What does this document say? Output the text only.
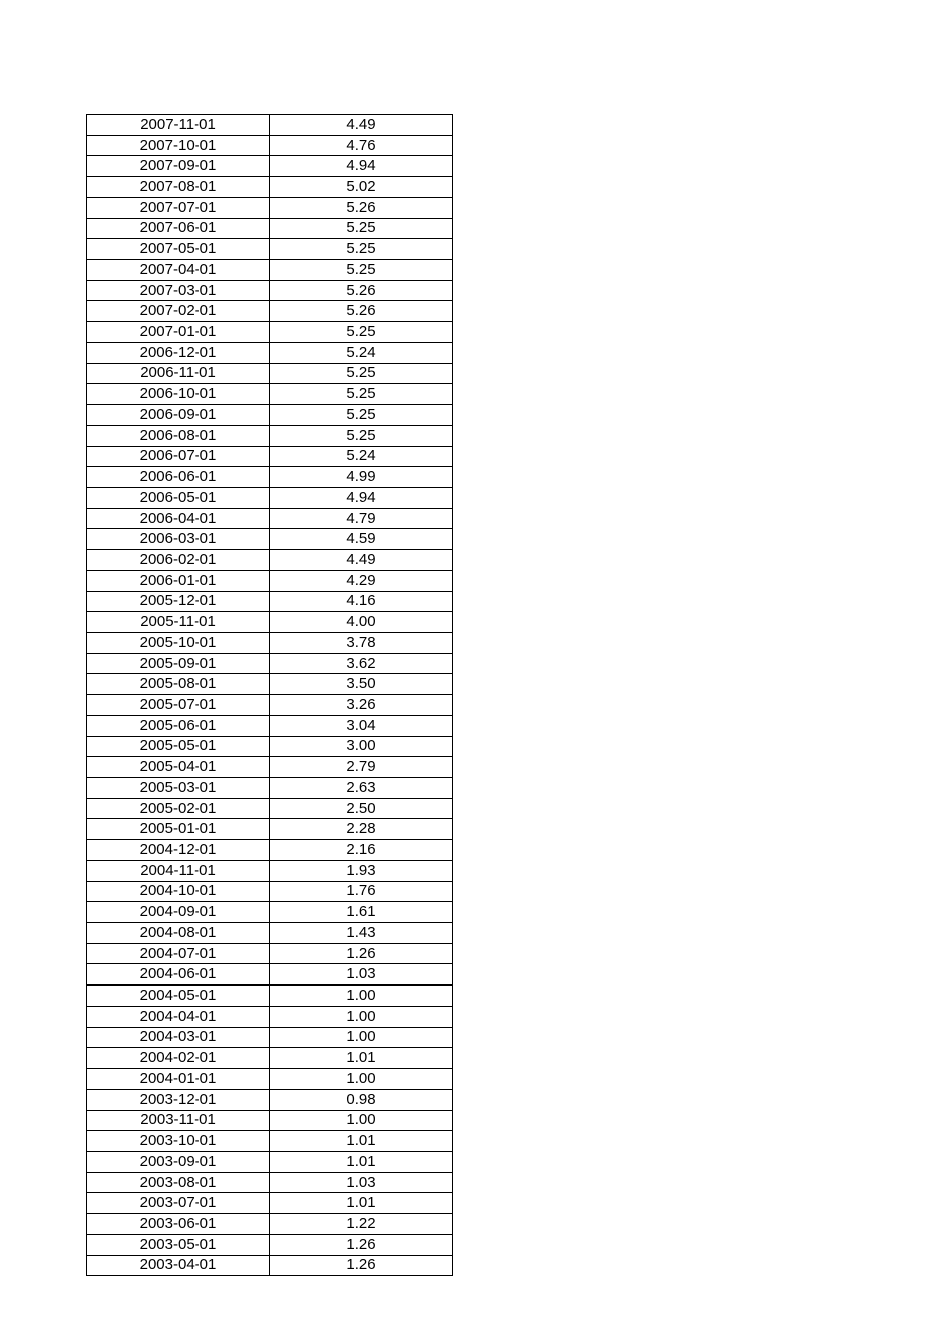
2007-11-01	4.49
2007-10-01	4.76
2007-09-01	4.94
2007-08-01	5.02
2007-07-01	5.26
2007-06-01	5.25
2007-05-01	5.25
2007-04-01	5.25
2007-03-01	5.26
2007-02-01	5.26
2007-01-01	5.25
2006-12-01	5.24
2006-11-01	5.25
2006-10-01	5.25
2006-09-01	5.25
2006-08-01	5.25
2006-07-01	5.24
2006-06-01	4.99
2006-05-01	4.94
2006-04-01	4.79
2006-03-01	4.59
2006-02-01	4.49
2006-01-01	4.29
2005-12-01	4.16
2005-11-01	4.00
2005-10-01	3.78
2005-09-01	3.62
2005-08-01	3.50
2005-07-01	3.26
2005-06-01	3.04
2005-05-01	3.00
2005-04-01	2.79
2005-03-01	2.63
2005-02-01	2.50
2005-01-01	2.28
2004-12-01	2.16
2004-11-01	1.93
2004-10-01	1.76
2004-09-01	1.61
2004-08-01	1.43
2004-07-01	1.26
2004-06-01	1.03
2004-05-01	1.00
2004-04-01	1.00
2004-03-01	1.00
2004-02-01	1.01
2004-01-01	1.00
2003-12-01	0.98
2003-11-01	1.00
2003-10-01	1.01
2003-09-01	1.01
2003-08-01	1.03
2003-07-01	1.01
2003-06-01	1.22
2003-05-01	1.26
2003-04-01	1.26
